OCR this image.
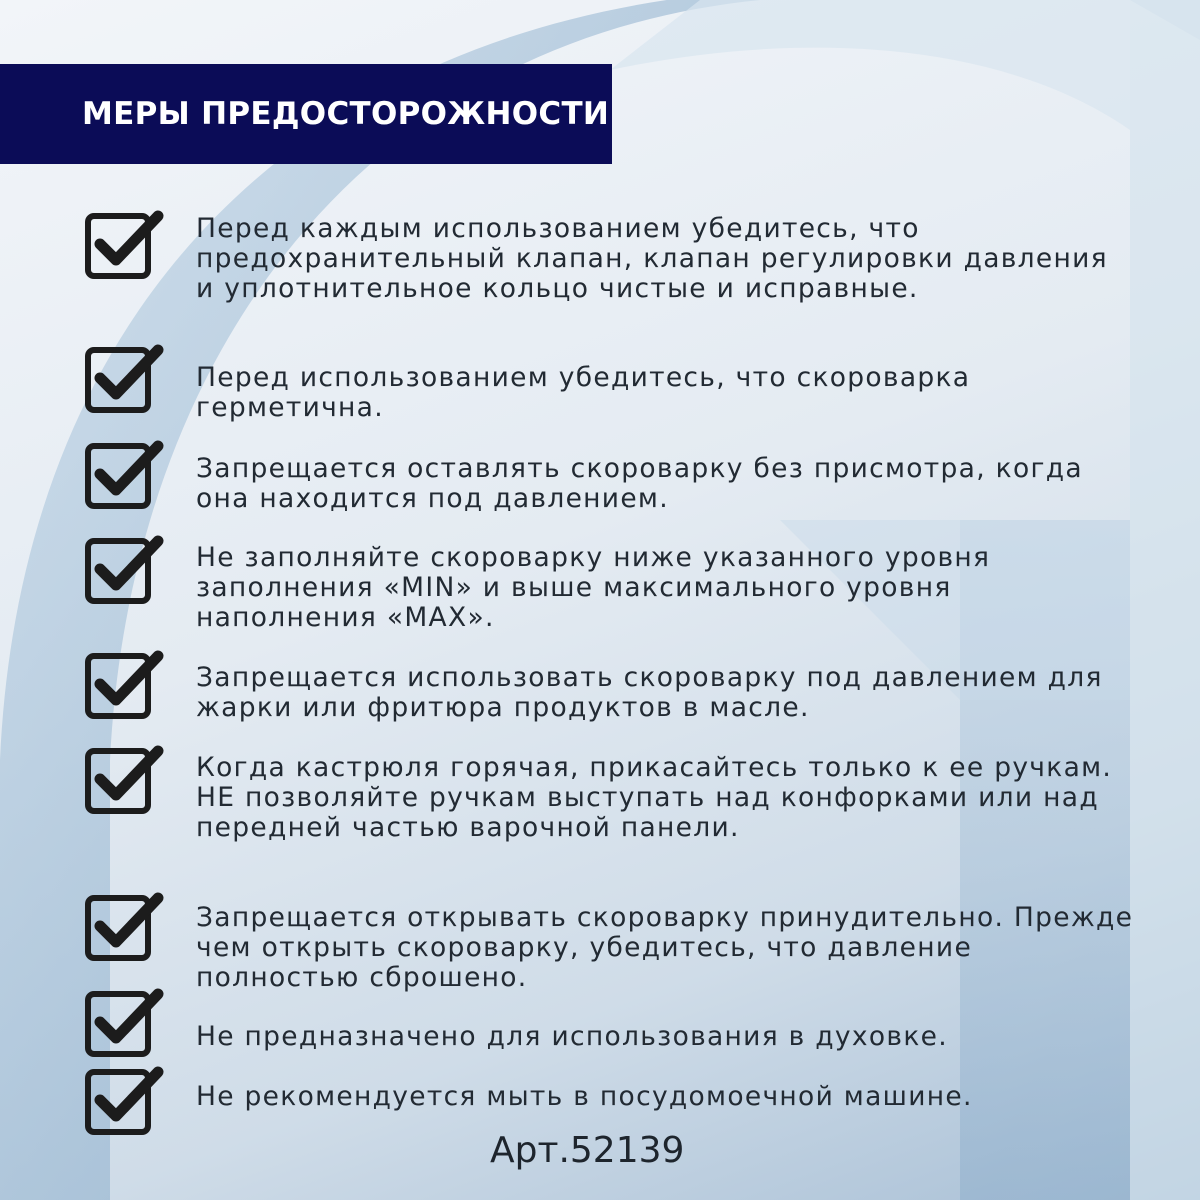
МЕРЫ ПРЕДОСТОРОЖНОСТИ
Перед каждым использованием убедитесь, что предохранительный клапан, клапан регулировки давления и уплотнительное кольцо чистые и исправные.
Перед использованием убедитесь, что скороварка герметична.
Запрещается оставлять скороварку без присмотра, когда она находится под давлением.
Не заполняйте скороварку ниже указанного уровня заполнения «MIN» и выше максимального уровня наполнения «MAX».
Запрещается использовать скороварку под давлением для жарки или фритюра продуктов в масле.
Когда кастрюля горячая, прикасайтесь только к ее ручкам. НЕ позволяйте ручкам выступать над конфорками или над передней частью варочной панели.
Запрещается открывать скороварку принудительно. Прежде чем открыть скороварку, убедитесь, что давление полностью сброшено.
Не предназначено для использования в духовке.
Не рекомендуется мыть в посудомоечной машине.
Арт.52139
